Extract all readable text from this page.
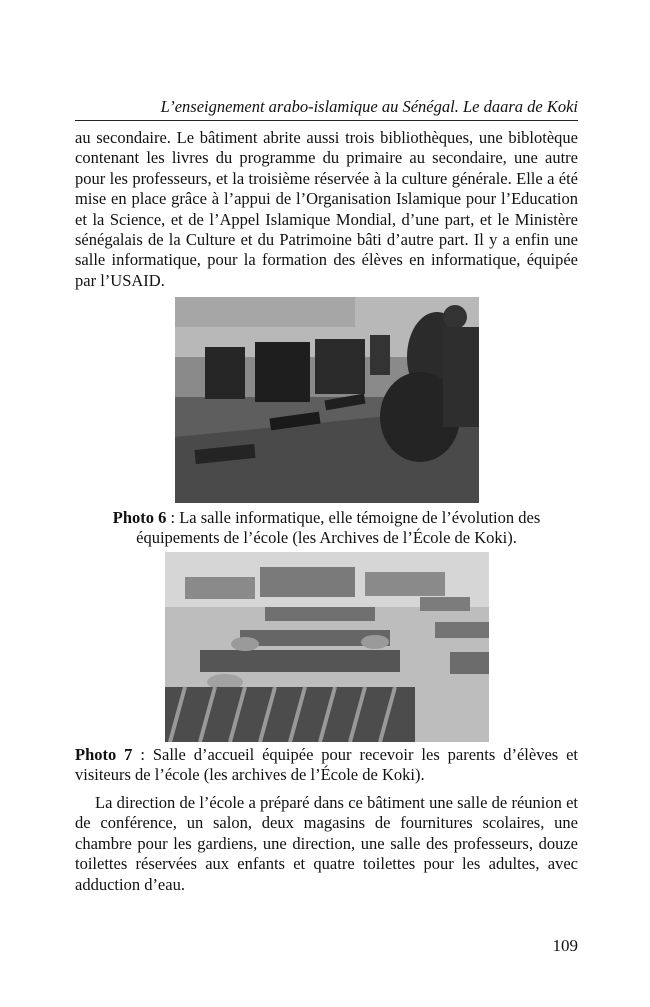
L’enseignement arabo-islamique au Sénégal. Le daara de Koki

au secondaire. Le bâtiment abrite aussi trois bibliothèques, une biblotèque contenant les livres du programme du primaire au secondaire, une autre pour les professeurs, et la troisième réservée à la culture générale. Elle a été mise en place grâce à l’appui de l’Organisation Islamique pour l’Education et la Science, et de l’Appel Islamique Mondial, d’une part, et le Ministère sénégalais de la Culture et du Patrimoine bâti d’autre part. Il y a enfin une salle informatique, pour la formation des élèves en informatique, équipée par l’USAID.

Photo 6 : La salle informatique, elle témoigne de l’évolution des équipements de l’école (les Archives de l’École de Koki).
Photo 7 : Salle d’accueil équipée pour recevoir les parents d’élèves et visiteurs de l’école (les archives de l’École de Koki).

La direction de l’école a préparé dans ce bâtiment une salle de réunion et de conférence, un salon, deux magasins de fournitures scolaires, une chambre pour les gardiens, une direction, une salle des professeurs, douze toilettes réservées aux enfants et quatre toilettes pour les adultes, avec adduction d’eau.

109
